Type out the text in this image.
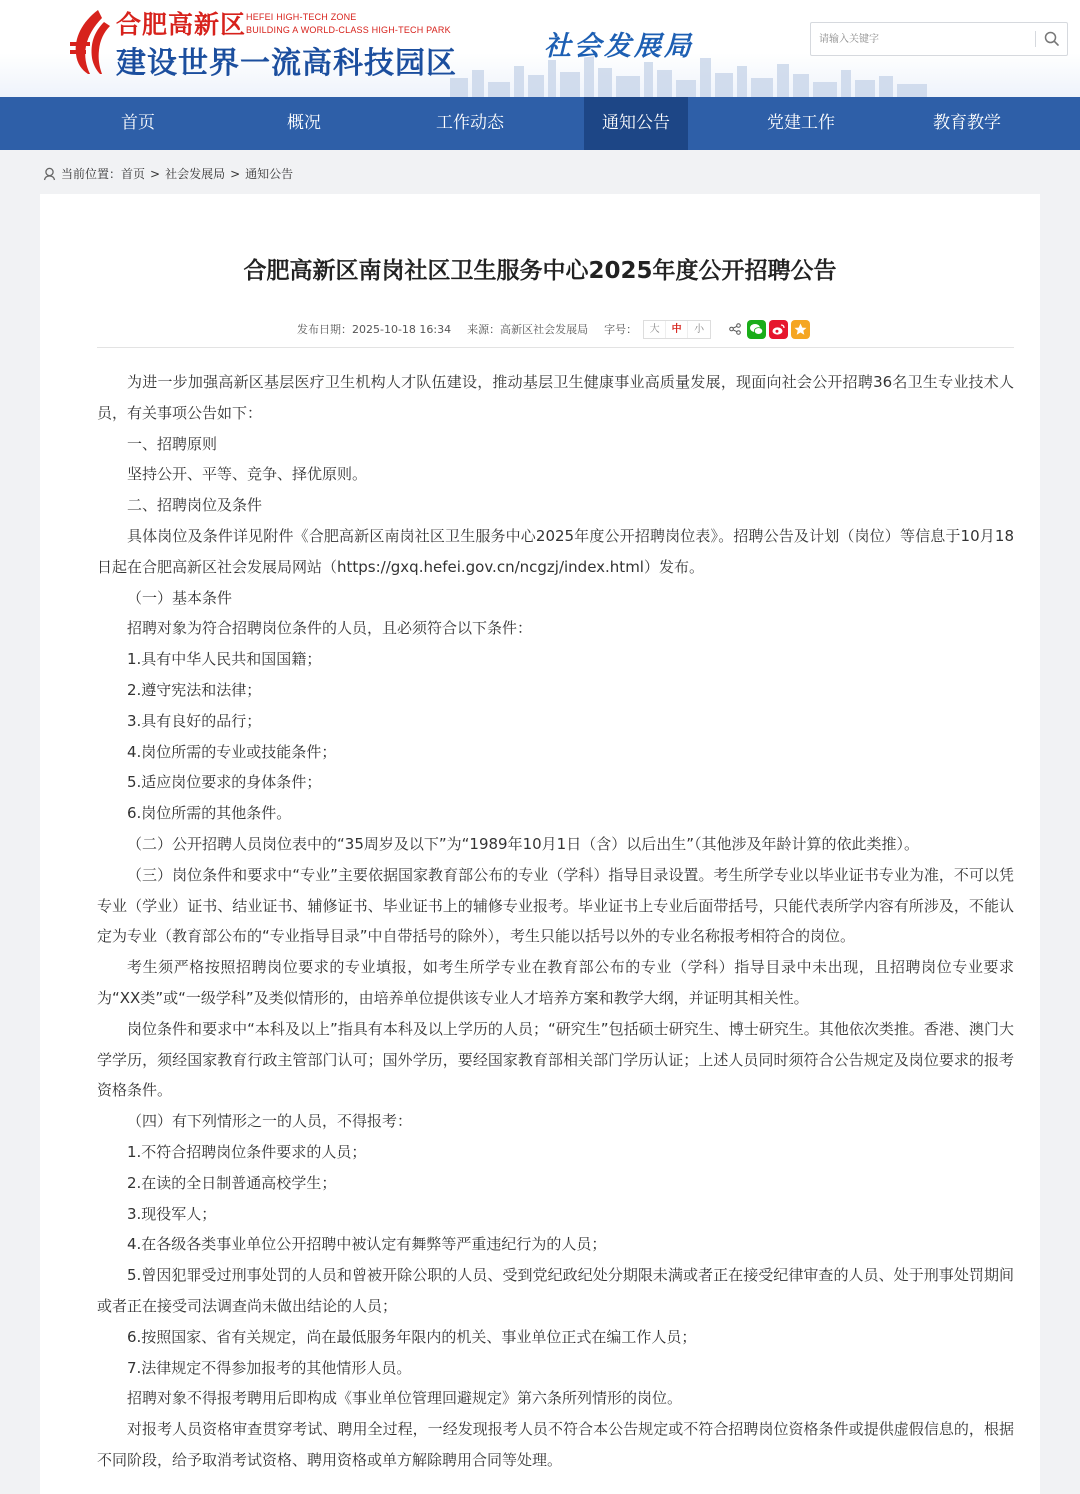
合肥高新区 HEFEI HIGH-TECH ZONE
BUILDING A WORLD-CLASS HIGH-TECH PARK
建设世界一流高科技园区	社会发展局
请输入关键字
首页	概况	工作动态	通知公告	党建工作	教育教学
当前位置： 首页 > 社会发展局 > 通知公告
合肥高新区南岗社区卫生服务中心2025年度公开招聘公告
发布日期： 2025-10-18 16:34 来源： 高新区社会发展局 字号：	大	中	小

为进一步加强高新区基层医疗卫生机构人才队伍建设，推动基层卫生健康事业高质量发展，现面向社会公开招聘36名卫生专业技术人员，有关事项公告如下：

一、招聘原则

坚持公开、平等、竞争、择优原则。

二、招聘岗位及条件

具体岗位及条件详见附件《合肥高新区南岗社区卫生服务中心2025年度公开招聘岗位表》。招聘公告及计划（岗位）等信息于10月18日起在合肥高新区社会发展局网站（https://gxq.hefei.gov.cn/ncgzj/index.html）发布。

（一）基本条件

招聘对象为符合招聘岗位条件的人员，且必须符合以下条件：

1.具有中华人民共和国国籍；

2.遵守宪法和法律；

3.具有良好的品行；

4.岗位所需的专业或技能条件；

5.适应岗位要求的身体条件；

6.岗位所需的其他条件。

（二）公开招聘人员岗位表中的“35周岁及以下”为“1989年10月1日（含）以后出生”（其他涉及年龄计算的依此类推）。

（三）岗位条件和要求中“专业”主要依据国家教育部公布的专业（学科）指导目录设置。考生所学专业以毕业证书专业为准，不可以凭专业（学业）证书、结业证书、辅修证书、毕业证书上的辅修专业报考。毕业证书上专业后面带括号，只能代表所学内容有所涉及，不能认定为专业（教育部公布的“专业指导目录”中自带括号的除外），考生只能以括号以外的专业名称报考相符合的岗位。

考生须严格按照招聘岗位要求的专业填报，如考生所学专业在教育部公布的专业（学科）指导目录中未出现，且招聘岗位专业要求为“XX类”或“一级学科”及类似情形的，由培养单位提供该专业人才培养方案和教学大纲，并证明其相关性。

岗位条件和要求中“本科及以上”指具有本科及以上学历的人员；“研究生”包括硕士研究生、博士研究生。其他依次类推。香港、澳门大学学历，须经国家教育行政主管部门认可；国外学历，要经国家教育部相关部门学历认证；上述人员同时须符合公告规定及岗位要求的报考资格条件。

（四）有下列情形之一的人员，不得报考：

1.不符合招聘岗位条件要求的人员；

2.在读的全日制普通高校学生；

3.现役军人；

4.在各级各类事业单位公开招聘中被认定有舞弊等严重违纪行为的人员；

5.曾因犯罪受过刑事处罚的人员和曾被开除公职的人员、受到党纪政纪处分期限未满或者正在接受纪律审查的人员、处于刑事处罚期间或者正在接受司法调查尚未做出结论的人员；

6.按照国家、省有关规定，尚在最低服务年限内的机关、事业单位正式在编工作人员；

7.法律规定不得参加报考的其他情形人员。

招聘对象不得报考聘用后即构成《事业单位管理回避规定》第六条所列情形的岗位。

对报考人员资格审查贯穿考试、聘用全过程，一经发现报考人员不符合本公告规定或不符合招聘岗位资格条件或提供虚假信息的，根据不同阶段，给予取消考试资格、聘用资格或单方解除聘用合同等处理。
